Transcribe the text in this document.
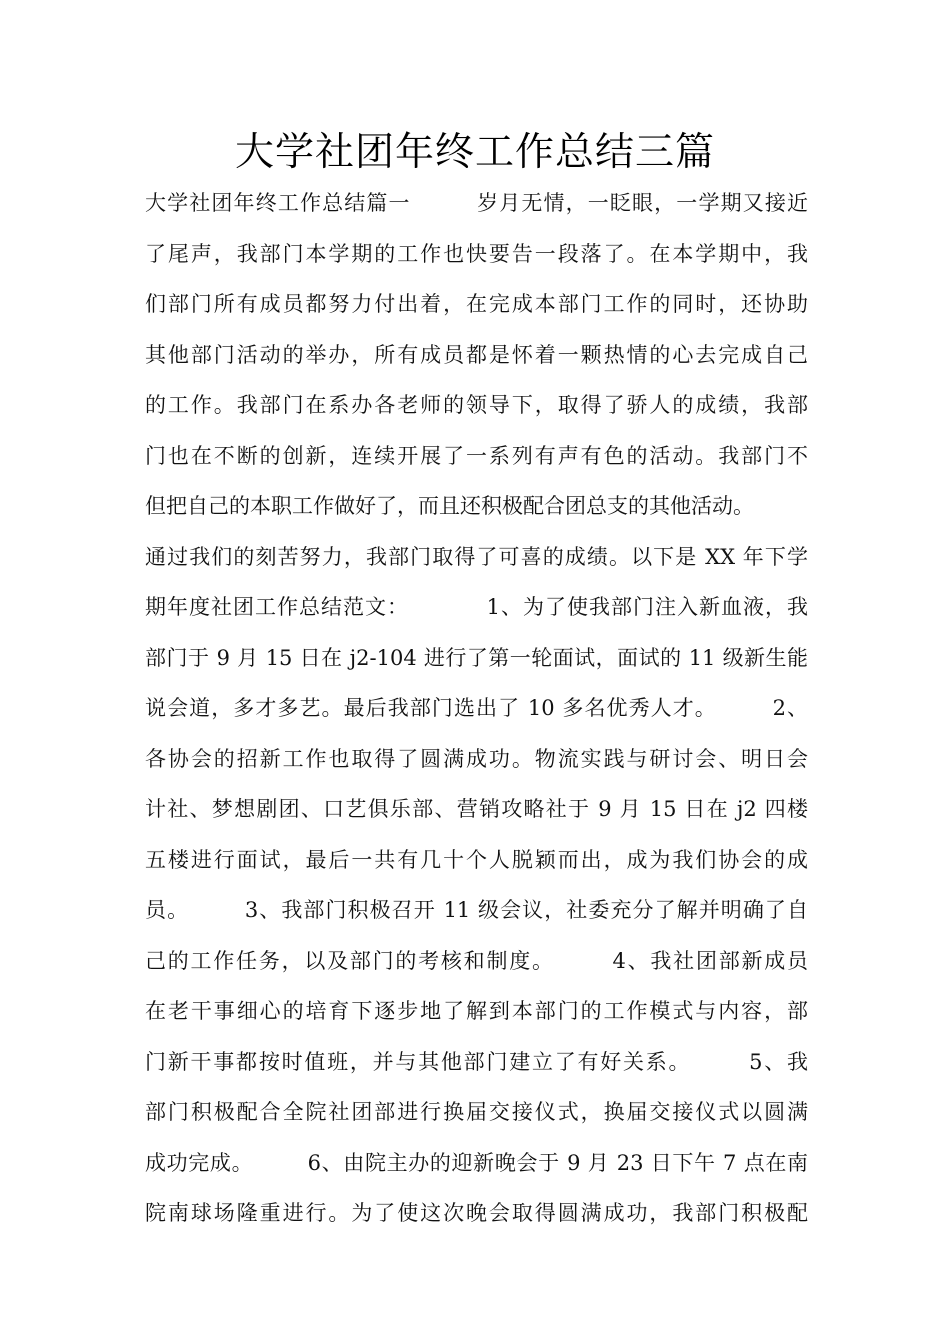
大学社团年终工作总结三篇
大学社团年终工作总结篇一　　　岁月无情，一眨眼，一学期又接近
了尾声，我部门本学期的工作也快要告一段落了。在本学期中，我
们部门所有成员都努力付出着，在完成本部门工作的同时，还协助
其他部门活动的举办，所有成员都是怀着一颗热情的心去完成自己
的工作。我部门在系办各老师的领导下，取得了骄人的成绩，我部
门也在不断的创新，连续开展了一系列有声有色的活动。我部门不
但把自己的本职工作做好了，而且还积极配合团总支的其他活动。
通过我们的刻苦努力，我部门取得了可喜的成绩。以下是 XX 年下学
期年度社团工作总结范文：　　　　1、为了使我部门注入新血液，我
部门于 9 月 15 日在 j2-104 进行了第一轮面试，面试的 11 级新生能
说会道，多才多艺。最后我部门选出了 10 多名优秀人才。　　　2、
各协会的招新工作也取得了圆满成功。物流实践与研讨会、明日会
计社、梦想剧团、口艺俱乐部、营销攻略社于 9 月 15 日在 j2 四楼
五楼进行面试，最后一共有几十个人脱颖而出，成为我们协会的成
员。　　　3、我部门积极召开 11 级会议，社委充分了解并明确了自
己的工作任务，以及部门的考核和制度。　　　4、我社团部新成员
在老干事细心的培育下逐步地了解到本部门的工作模式与内容，部
门新干事都按时值班，并与其他部门建立了有好关系。　　　5、我
部门积极配合全院社团部进行换届交接仪式，换届交接仪式以圆满
成功完成。　　　6、由院主办的迎新晚会于 9 月 23 日下午 7 点在南
院南球场隆重进行。为了使这次晚会取得圆满成功，我部门积极配
